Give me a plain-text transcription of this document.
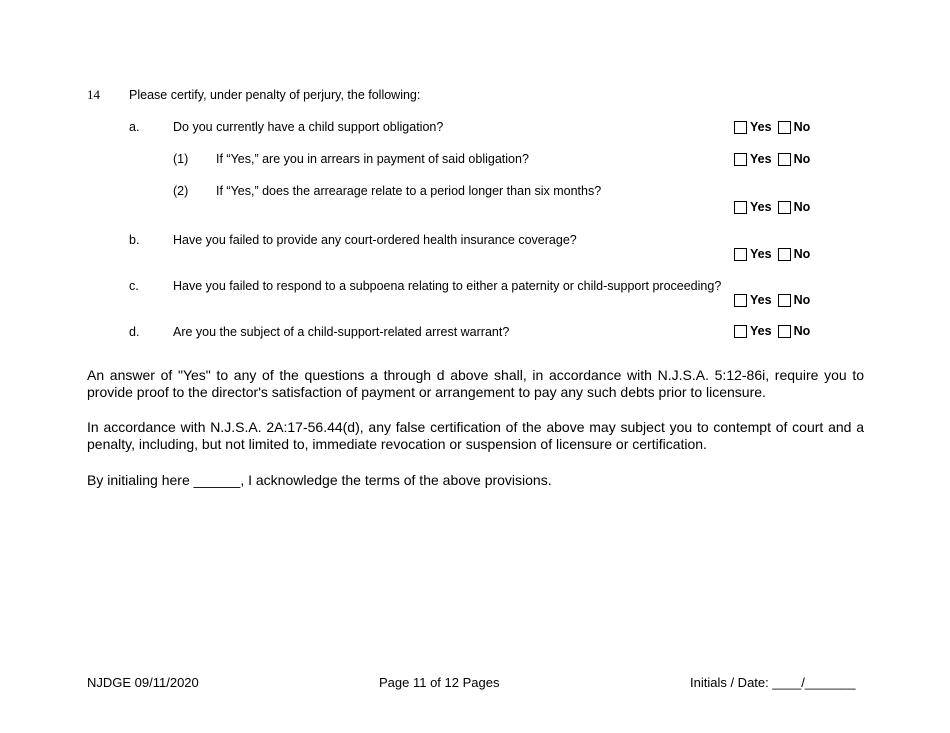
14 Please certify, under penalty of perjury, the following:
a.	Do you currently have a child support obligation?	Yes No
(1) If “Yes,” are you in arrears in payment of said obligation?	Yes No
(2) If “Yes,” does the arrearage relate to a period longer than six months?
Yes No
b.	Have you failed to provide any court-ordered health insurance coverage?
Yes No
c.	Have you failed to respond to a subpoena relating to either a paternity or child-support proceeding?
Yes No
d.	Are you the subject of a child-support-related arrest warrant?	Yes No
An answer of "Yes" to any of the questions a through d above shall, in accordance with N.J.S.A. 5:12-86i, require you to provide proof to the director's satisfaction of payment or arrangement to pay any such debts prior to licensure.
In accordance with N.J.S.A. 2A:17-56.44(d), any false certification of the above may subject you to contempt of court and a penalty, including, but not limited to, immediate revocation or suspension of licensure or certification.
By initialing here ______, I acknowledge the terms of the above provisions.
NJDGE 09/11/2020	Page 11 of 12 Pages	Initials / Date: ____/_______
